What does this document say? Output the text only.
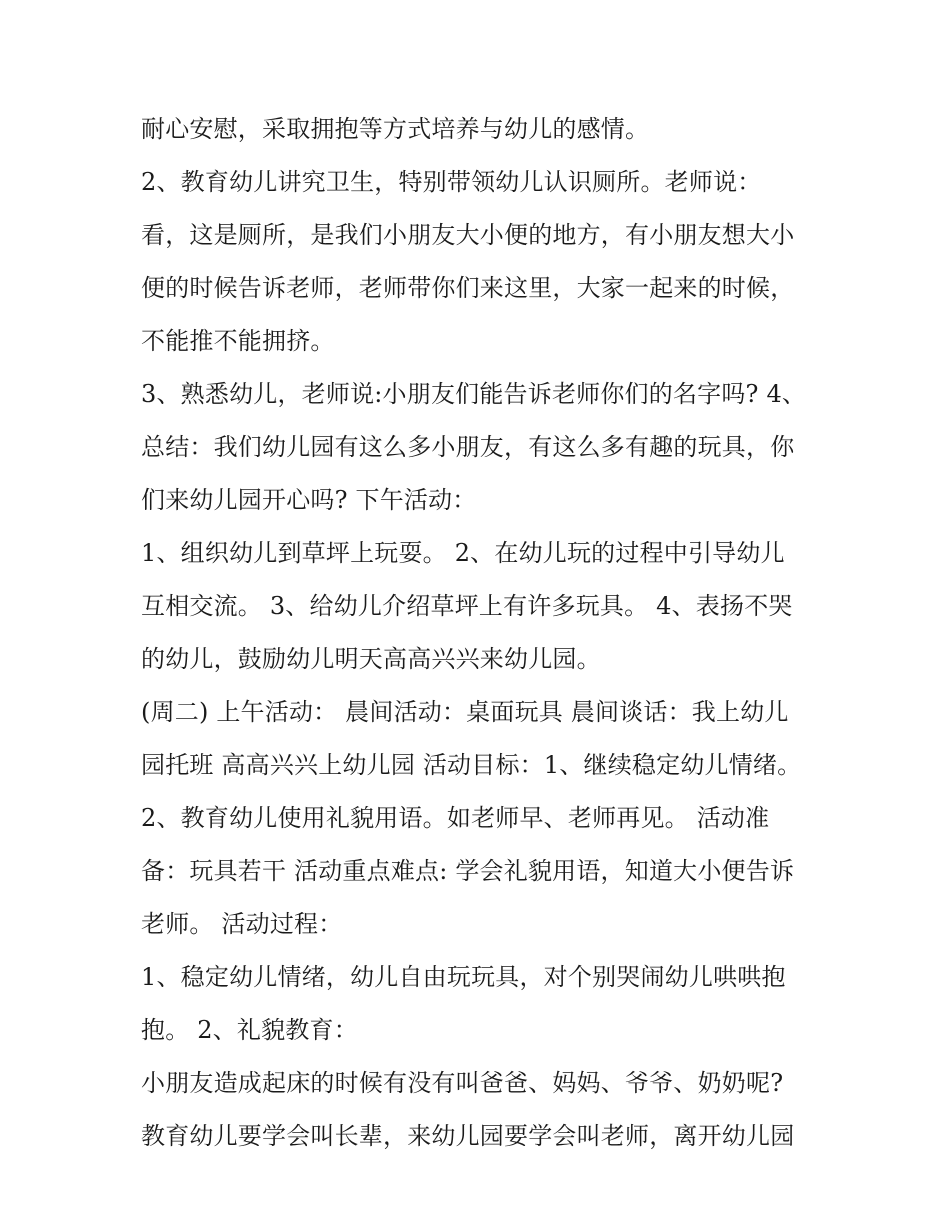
耐心安慰，采取拥抱等方式培养与幼儿的感情。
2、教育幼儿讲究卫生，特别带领幼儿认识厕所。老师说：
看，这是厕所，是我们小朋友大小便的地方，有小朋友想大小
便的时候告诉老师，老师带你们来这里，大家一起来的时候，
不能推不能拥挤。
3、熟悉幼儿，老师说:小朋友们能告诉老师你们的名字吗? 4、
总结：我们幼儿园有这么多小朋友，有这么多有趣的玩具，你
们来幼儿园开心吗? 下午活动：
1、组织幼儿到草坪上玩耍。 2、在幼儿玩的过程中引导幼儿
互相交流。 3、给幼儿介绍草坪上有许多玩具。 4、表扬不哭
的幼儿，鼓励幼儿明天高高兴兴来幼儿园。
(周二) 上午活动： 晨间活动：桌面玩具 晨间谈话：我上幼儿
园托班 高高兴兴上幼儿园 活动目标：1、继续稳定幼儿情绪。
2、教育幼儿使用礼貌用语。如老师早、老师再见。 活动准
备：玩具若干 活动重点难点: 学会礼貌用语，知道大小便告诉
老师。 活动过程：
1、稳定幼儿情绪，幼儿自由玩玩具，对个别哭闹幼儿哄哄抱
抱。 2、礼貌教育：
小朋友造成起床的时候有没有叫爸爸、妈妈、爷爷、奶奶呢?
教育幼儿要学会叫长辈，来幼儿园要学会叫老师，离开幼儿园
